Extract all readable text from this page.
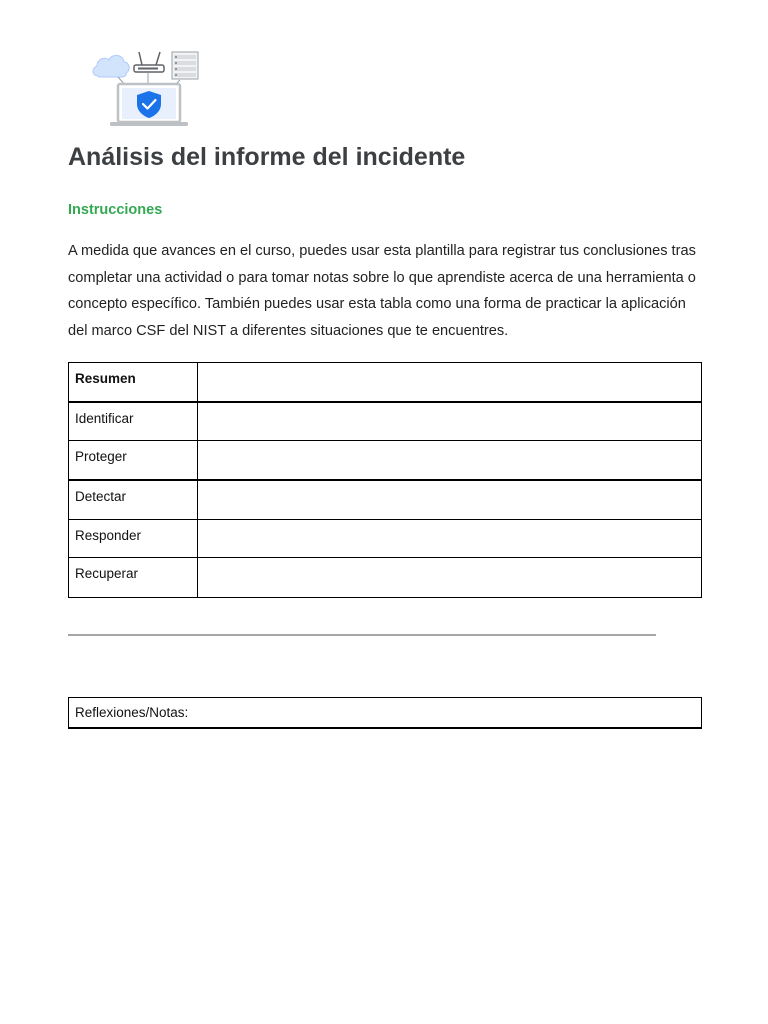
Análisis del informe del incidente
Instrucciones

A medida que avances en el curso, puedes usar esta plantilla para registrar tus conclusiones tras completar una actividad o para tomar notas sobre lo que aprendiste acerca de una herramienta o concepto específico. También puedes usar esta tabla como una forma de practicar la aplicación del marco CSF del NIST a diferentes situaciones que te encuentres.

Resumen	
Identificar	
Proteger	
Detectar	
Responder	
Recuperar	
Reflexiones/Notas:
